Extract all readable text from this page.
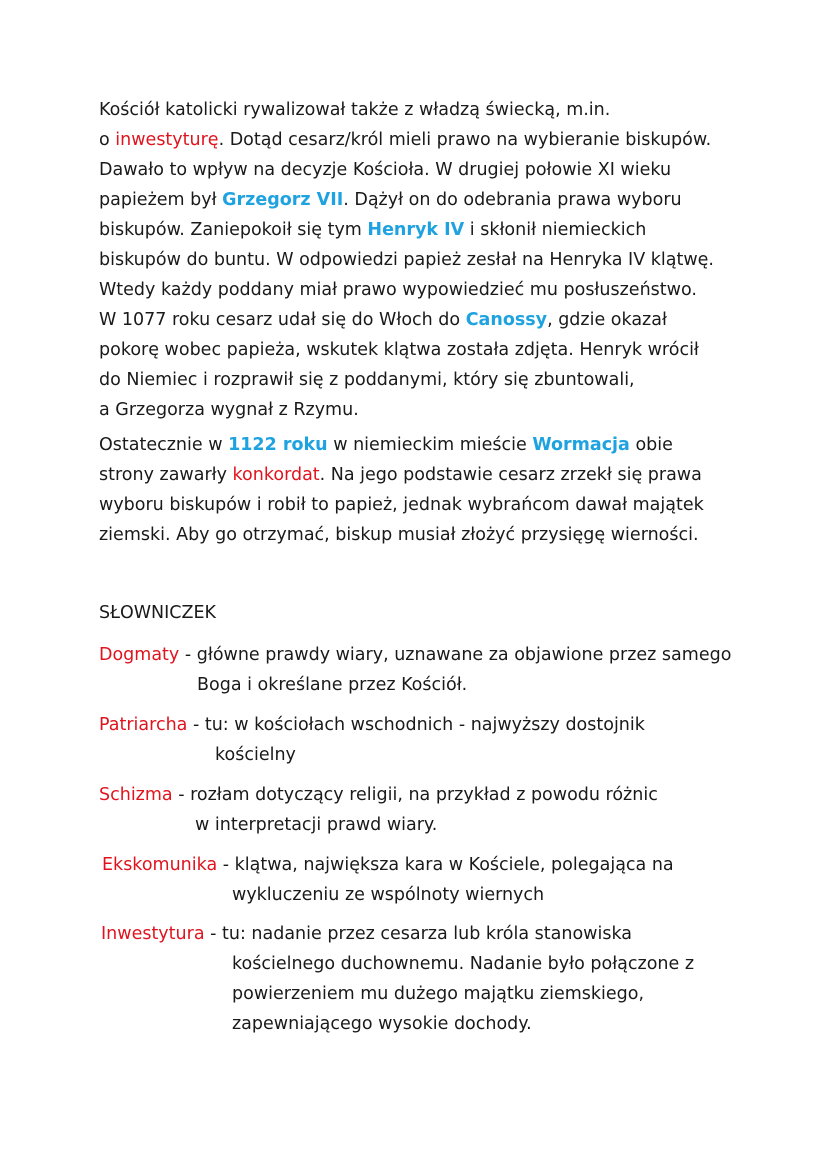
Kościół katolicki rywalizował także z władzą świecką, m.in.
o inwestyturę. Dotąd cesarz/król mieli prawo na wybieranie biskupów.
Dawało to wpływ na decyzje Kościoła. W drugiej połowie XI wieku
papieżem był Grzegorz VII. Dążył on do odebrania prawa wyboru
biskupów. Zaniepokoił się tym Henryk IV i skłonił niemieckich
biskupów do buntu. W odpowiedzi papież zesłał na Henryka IV klątwę.
Wtedy każdy poddany miał prawo wypowiedzieć mu posłuszeństwo.
W 1077 roku cesarz udał się do Włoch do Canossy, gdzie okazał
pokorę wobec papieża, wskutek klątwa została zdjęta. Henryk wrócił
do Niemiec i rozprawił się z poddanymi, który się zbuntowali,
a Grzegorza wygnał z Rzymu.

Ostatecznie w 1122 roku w niemieckim mieście Wormacja obie
strony zawarły konkordat. Na jego podstawie cesarz zrzekł się prawa
wyboru biskupów i robił to papież, jednak wybrańcom dawał majątek
ziemski. Aby go otrzymać, biskup musiał złożyć przysięgę wierności.

SŁOWNICZEK
Dogmaty - główne prawdy wiary, uznawane za objawione przez samego
Boga i określane przez Kościół.
Patriarcha - tu: w kościołach wschodnich - najwyższy dostojnik
kościelny
Schizma - rozłam dotyczący religii, na przykład z powodu różnic
w interpretacji prawd wiary.
Ekskomunika - klątwa, największa kara w Kościele, polegająca na
wykluczeniu ze wspólnoty wiernych
Inwestytura - tu: nadanie przez cesarza lub króla stanowiska
kościelnego duchownemu. Nadanie było połączone z
powierzeniem mu dużego majątku ziemskiego,
zapewniającego wysokie dochody.
